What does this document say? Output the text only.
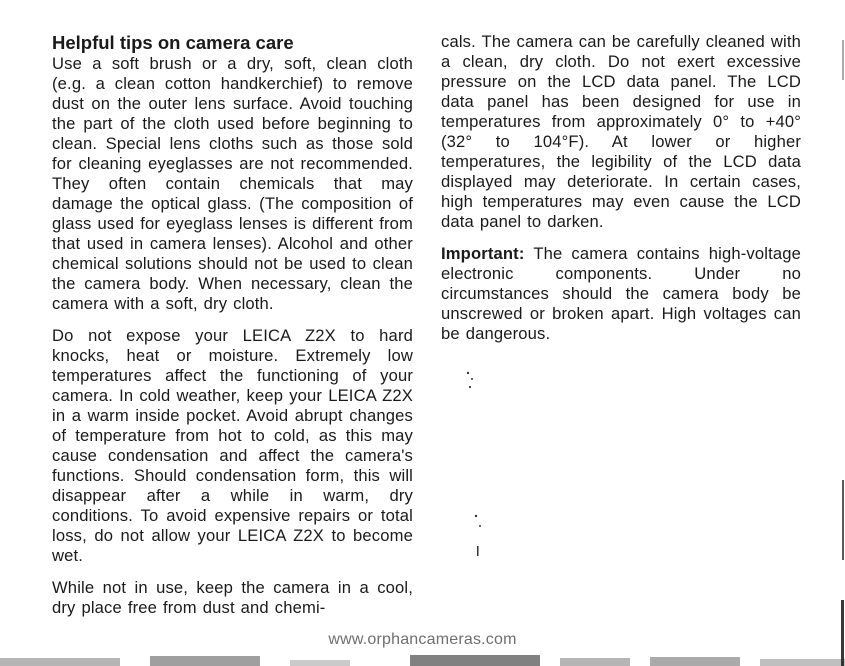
Helpful tips on camera care

Use a soft brush or a dry, soft, clean cloth (e.g. a clean cotton handkerchief) to remove dust on the outer lens surface. Avoid touching the part of the cloth used before beginning to clean. Special lens cloths such as those sold for cleaning eyeglasses are not recommended. They often contain chemicals that may damage the optical glass. (The composition of glass used for eyeglass lenses is different from that used in camera lenses). Alcohol and other chemical solutions should not be used to clean the camera body. When necessary, clean the camera with a soft, dry cloth.

Do not expose your LEICA Z2X to hard knocks, heat or moisture. Extremely low temperatures affect the functioning of your camera. In cold weather, keep your LEICA Z2X in a warm inside pocket. Avoid abrupt changes of temperature from hot to cold, as this may cause condensation and affect the camera's functions. Should condensation form, this will disappear after a while in warm, dry conditions. To avoid expensive repairs or total loss, do not allow your LEICA Z2X to become wet.

While not in use, keep the camera in a cool, dry place free from dust and chemi-

cals. The camera can be carefully cleaned with a clean, dry cloth. Do not exert excessive pressure on the LCD data panel. The LCD data panel has been designed for use in temperatures from approximately 0° to +40° (32° to 104°F). At lower or higher temperatures, the legibility of the LCD data displayed may deteriorate. In certain cases, high temperatures may even cause the LCD data panel to darken.

Important: The camera contains high-voltage electronic components. Under no circumstances should the camera body be unscrewed or broken apart. High voltages can be dangerous.

www.orphancameras.com
